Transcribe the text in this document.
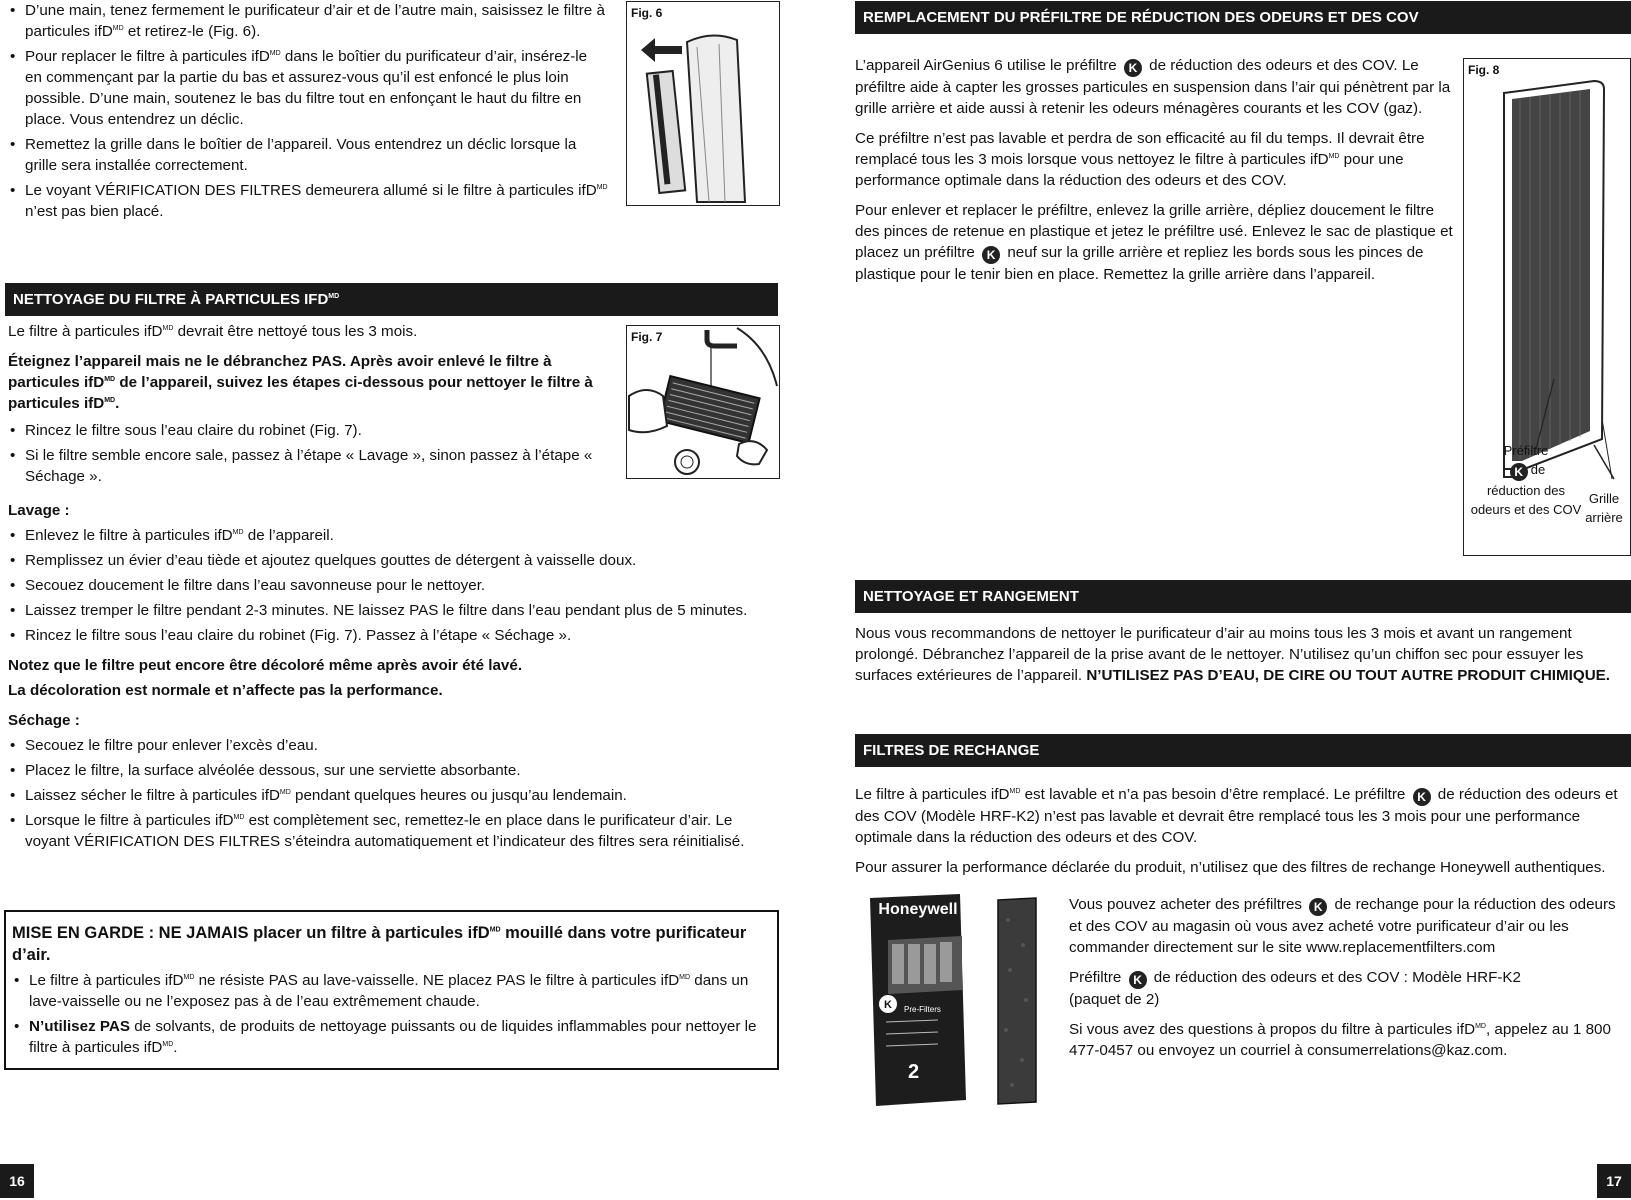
• D’une main, tenez fermement le purificateur d’air et de l’autre main, saisissez le filtre à particules ifD$^{MD}$ et retirez-le (Fig. 6).

• Pour replacer le filtre à particules ifD$^{MD}$ dans le boîtier du purificateur d’air, insérez-le en commençant par la partie du bas et assurez-vous qu’il est enfoncé le plus loin possible. D’une main, soutenez le bas du filtre tout en enfonçant le haut du filtre en place. Vous entendrez un déclic.

• Remettez la grille dans le boîtier de l’appareil. Vous entendrez un déclic lorsque la grille sera installée correctement.

• Le voyant VÉRIFICATION DES FILTRES demeurera allumé si le filtre à particules ifD$^{MD}$ n’est pas bien placé.

Fig. 6
NETTOYAGE DU FILTRE À PARTICULES $IFD^{MD}$

Le filtre à particules ifD$^{MD}$ devrait être nettoyé tous les 3 mois.

Éteignez l’appareil mais ne le débranchez PAS. Après avoir enlevé le filtre à particules ifD$^{MD}$ de l’appareil, suivez les étapes ci-dessous pour nettoyer le filtre à particules ifD$^{MD}$.

• Rincez le filtre sous l’eau claire du robinet (Fig. 7).

• Si le filtre semble encore sale, passez à l’étape « Lavage », sinon passez à l’étape « Séchage ».

Fig. 7

Lavage :

• Enlevez le filtre à particules ifD$^{MD}$ de l’appareil.

• Remplissez un évier d’eau tiède et ajoutez quelques gouttes de détergent à vaisselle doux.

• Secouez doucement le filtre dans l’eau savonneuse pour le nettoyer.

• Laissez tremper le filtre pendant 2-3 minutes. NE laissez PAS le filtre dans l’eau pendant plus de 5 minutes.

• Rincez le filtre sous l’eau claire du robinet (Fig. 7). Passez à l’étape « Séchage ».

Notez que le filtre peut encore être décoloré même après avoir été lavé.

La décoloration est normale et n’affecte pas la performance.

Séchage :

• Secouez le filtre pour enlever l’excès d’eau.

• Placez le filtre, la surface alvéolée dessous, sur une serviette absorbante.

• Laissez sécher le filtre à particules ifD$^{MD}$ pendant quelques heures ou jusqu’au lendemain.

• Lorsque le filtre à particules ifD$^{MD}$ est complètement sec, remettez-le en place dans le purificateur d’air. Le voyant VÉRIFICATION DES FILTRES s’éteindra automatiquement et l’indicateur des filtres sera réinitialisé.

MISE EN GARDE : NE JAMAIS placer un filtre à particules ifD$^{MD}$ mouillé dans votre purificateur d’air.

• Le filtre à particules ifD$^{MD}$ ne résiste PAS au lave-vaisselle. NE placez PAS le filtre à particules ifD$^{MD}$ dans un lave-vaisselle ou ne l’exposez pas à de l’eau extrêmement chaude.

• N’utilisez PAS de solvants, de produits de nettoyage puissants ou de liquides inflammables pour nettoyer le filtre à particules ifD$^{MD}$.

16
REMPLACEMENT DU PRÉFILTRE DE RÉDUCTION DES ODEURS ET DES COV

L’appareil AirGenius 6 utilise le préfiltre K de réduction des odeurs et des COV. Le préfiltre aide à capter les grosses particules en suspension dans l’air qui pénètrent par la grille arrière et aide aussi à retenir les odeurs ménagères courants et les COV (gaz).

Ce préfiltre n’est pas lavable et perdra de son efficacité au fil du temps. Il devrait être remplacé tous les 3 mois lorsque vous nettoyez le filtre à particules ifD$^{MD}$ pour une performance optimale dans la réduction des odeurs et des COV.

Pour enlever et replacer le préfiltre, enlevez la grille arrière, dépliez doucement le filtre des pinces de retenue en plastique et jetez le préfiltre usé. Enlevez le sac de plastique et placez un préfiltre K neuf sur la grille arrière et repliez les bords sous les pinces de plastique pour le tenir bien en place. Remettez la grille arrière dans l’appareil.

Fig. 8
Préfiltre
K de
réduction des odeurs et des COV
Grille arrière
NETTOYAGE ET RANGEMENT

Nous vous recommandons de nettoyer le purificateur d’air au moins tous les 3 mois et avant un rangement prolongé. Débranchez l’appareil de la prise avant de le nettoyer. N’utilisez qu’un chiffon sec pour essuyer les surfaces extérieures de l’appareil. N’UTILISEZ PAS D’EAU, DE CIRE OU TOUT AUTRE PRODUIT CHIMIQUE.

FILTRES DE RECHANGE

Le filtre à particules ifD$^{MD}$ est lavable et n’a pas besoin d’être remplacé. Le préfiltre K de réduction des odeurs et des COV (Modèle HRF-K2) n’est pas lavable et devrait être remplacé tous les 3 mois pour une performance optimale dans la réduction des odeurs et des COV.

Pour assurer la performance déclarée du produit, n’utilisez que des filtres de rechange Honeywell authentiques.

K
Honeywell
Pre-Filters
2

Vous pouvez acheter des préfiltres K de rechange pour la réduction des odeurs et des COV au magasin où vous avez acheté votre purificateur d’air ou les commander directement sur le site www.replacementfilters.com

Préfiltre K de réduction des odeurs et des COV : Modèle HRF-K2
(paquet de 2)

Si vous avez des questions à propos du filtre à particules ifD$^{MD}$, appelez au 1 800 477-0457 ou envoyez un courriel à consumerrelations@kaz.com.

17
